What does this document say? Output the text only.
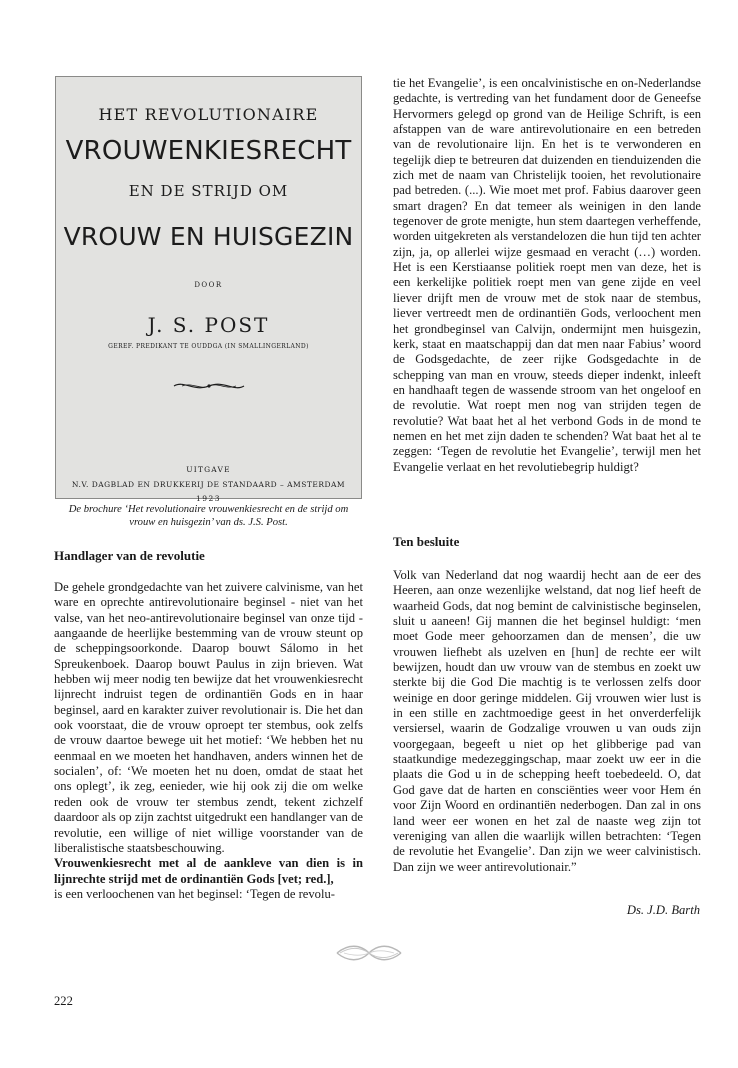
HET REVOLUTIONAIRE
VROUWENKIESRECHT
EN DE STRIJD OM
VROUW EN HUISGEZIN
DOOR
J. S. POST
GEREF. PREDIKANT TE OUDDGA (IN SMALLINGERLAND)
UITGAVE
N.V. DAGBLAD EN DRUKKERIJ DE STANDAARD – AMSTERDAM
1923
De brochure ‘Het revolutionaire vrouwenkiesrecht en de strijd om
vrouw en huisgezin’ van ds. J.S. Post.
Handlager van de revolutie

De gehele grondgedachte van het zuivere calvinisme, van het ware en oprechte antirevolutionaire beginsel - niet van het valse, van het neo-antirevolutionaire beginsel van onze tijd - aangaande de heerlijke bestemming van de vrouw steunt op de scheppingsoorkonde. Daarop bouwt Sálomo in het Spreukenboek. Daarop bouwt Paulus in zijn brieven. Wat hebben wij meer nodig ten bewijze dat het vrouwenkiesrecht lijnrecht indruist tegen de ordinantiën Gods en in haar beginsel, aard en karakter zuiver revolutionair is. Die het dan ook voorstaat, die de vrouw oproept ter stembus, ook zelfs de vrouw daartoe bewege uit het motief: ‘We hebben het nu eenmaal en we moeten het handhaven, anders winnen het de socialen’, of: ‘We moeten het nu doen, omdat de staat het ons oplegt’, ik zeg, eenieder, wie hij ook zij die om welke reden ook de vrouw ter stembus zendt, tekent zichzelf daardoor als op zijn zachtst uitgedrukt een handlanger van de revolutie, een willige of niet willige voorstander van de liberalistische staatsbeschouwing.

Vrouwenkiesrecht met al de aankleve van dien is in lijnrechte strijd met de ordinantiën Gods [vet; red.],

is een verloochenen van het beginsel: ‘Tegen de revolu-

tie het Evangelie’, is een oncalvinistische en on-Nederlandse gedachte, is vertreding van het fundament door de Geneefse Hervormers gelegd op grond van de Heilige Schrift, is een afstappen van de ware antirevolutionaire en een betreden van de revolutionaire lijn. En het is te verwonderen en tegelijk diep te betreuren dat duizenden en tienduizenden die zich met de naam van Christelijk tooien, het revolutionaire pad betreden. (...). Wie moet met prof. Fabius daarover geen smart dragen? En dat temeer als weinigen in den lande tegenover de grote menigte, hun stem daartegen verheffende, worden uitgekreten als verstandelozen die hun tijd ten achter zijn, ja, op allerlei wijze gesmaad en veracht (…) worden. Het is een Kerstiaanse politiek roept men van deze, het is een kerkelijke politiek roept men van gene zijde en veel liever drijft men de vrouw met de stok naar de stembus, liever vertreedt men de ordinantiën Gods, verloochent men het grondbeginsel van Calvijn, ondermijnt men huisgezin, kerk, staat en maatschappij dan dat men naar Fabius’ woord de Godsgedachte, de zeer rijke Godsgedachte in de schepping van man en vrouw, steeds dieper indenkt, inleeft en handhaaft tegen de wassende stroom van het ongeloof en de revolutie. Wat roept men nog van strijden tegen de revolutie? Wat baat het al het verbond Gods in de mond te nemen en het met zijn daden te schenden? Wat baat het al te zeggen: ‘Tegen de revolutie het Evangelie’, terwijl men het Evangelie verlaat en het revolutiebegrip huldigt?
Ten besluite
Volk van Nederland dat nog waardij hecht aan de eer des Heeren, aan onze wezenlijke welstand, dat nog lief heeft de waarheid Gods, dat nog bemint de calvinistische beginselen, sluit u aaneen! Gij mannen die het beginsel huldigt: ‘men moet Gode meer gehoorzamen dan de mensen’, die uw vrouwen liefhebt als uzelven en [hun] de rechte eer wilt bewijzen, houdt dan uw vrouw van de stembus en zoekt uw sterkte bij die God Die machtig is te verlossen zelfs door weinige en door geringe middelen. Gij vrouwen wier lust is in een stille en zachtmoedige geest in het onverderfelijk versiersel, waarin de Godzalige vrouwen u van ouds zijn voorgegaan, begeeft u niet op het glibberige pad van staatkundige medezeggingschap, maar zoekt uw eer in die plaats die God u in de schepping heeft toebedeeld. O, dat God gave dat de harten en consciënties weer voor Hem én voor Zijn Woord en ordinantiën nederbogen. Dan zal in ons land weer eer wonen en het zal de naaste weg zijn tot vereniging van allen die waarlijk willen betrachten: ‘Tegen de revolutie het Evangelie’. Dan zijn we weer calvinistisch. Dan zijn we weer antirevolutionair.”
Ds. J.D. Barth
222
